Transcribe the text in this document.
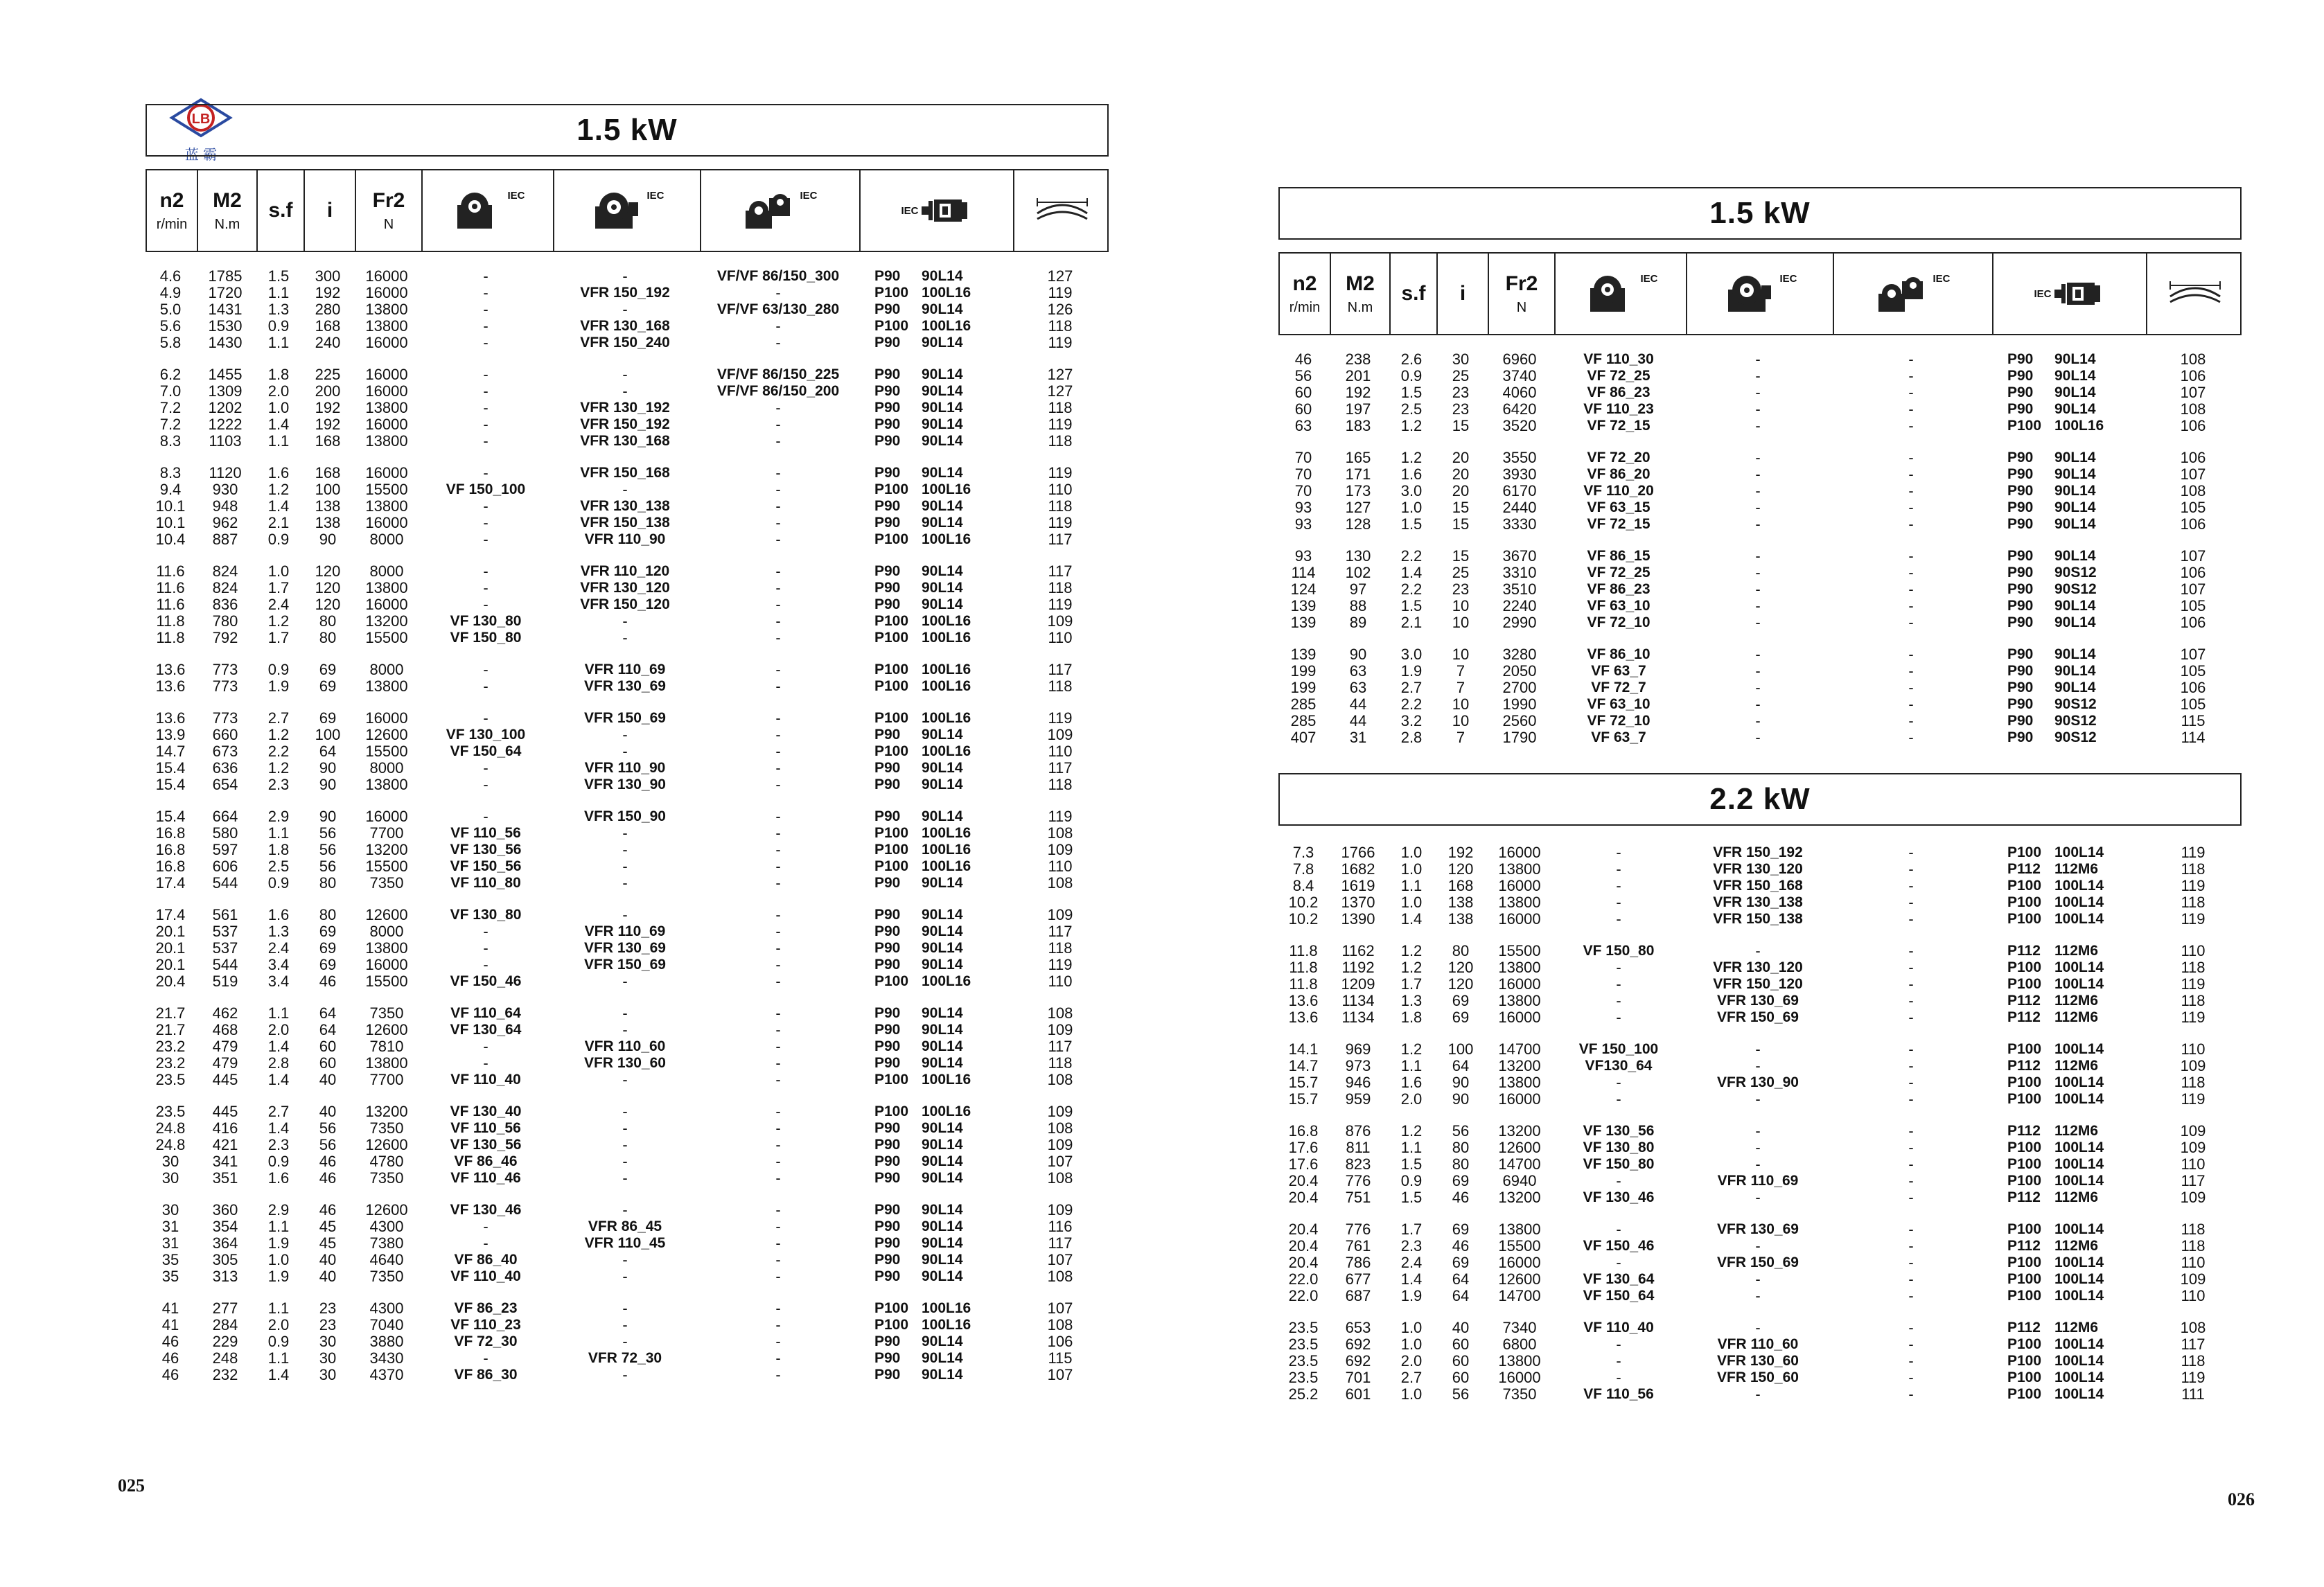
LB
蓝 霸
1.5 kW
n2
r/min
M2
N.m
s.f i Fr2
N
IEC	IEC	IEC
IEC
4.6	1785	1.5	300	16000	-	-	VF/VF 86/150_300	P90	90L14	127
4.9	1720	1.1	192	16000	-	VFR 150_192	-	P100 100L16	119
5.0	1431	1.3	280	13800	-	-	VF/VF 63/130_280	P90	90L14	126
5.6	1530	0.9	168	13800	-	VFR 130_168	-	P100 100L16	118
5.8	1430	1.1	240	16000	-	VFR 150_240	-	P90	90L14	119
6.2	1455	1.8	225	16000	-	-	VF/VF 86/150_225	P90	90L14	127
7.0	1309	2.0	200	16000	-	-	VF/VF 86/150_200	P90	90L14	127
7.2	1202	1.0	192	13800	-	VFR 130_192	-	P90	90L14	118
7.2	1222	1.4	192	16000	-	VFR 150_192	-	P90	90L14	119
8.3	1103	1.1	168	13800	-	VFR 130_168	-	P90	90L14	118
8.3	1120	1.6	168	16000	-	VFR 150_168	-	P90	90L14	119
9.4	930	1.2	100	15500	VF 150_100	-	-	P100 100L16	110
10.1	948	1.4	138	13800	-	VFR 130_138	-	P90	90L14	118
10.1	962	2.1	138	16000	-	VFR 150_138	-	P90	90L14	119
10.4	887	0.9	90	8000	-	VFR 110_90	-	P100 100L16	117
11.6	824	1.0	120	8000	-	VFR 110_120	-	P90	90L14	117
11.6	824	1.7	120	13800	-	VFR 130_120	-	P90	90L14	118
11.6	836	2.4	120	16000	-	VFR 150_120	-	P90	90L14	119
11.8	780	1.2	80	13200	VF 130_80	-	-	P100 100L16	109
11.8	792	1.7	80	15500	VF 150_80	-	-	P100 100L16	110
13.6	773	0.9	69	8000	-	VFR 110_69	-	P100 100L16	117
13.6	773	1.9	69	13800	-	VFR 130_69	-	P100 100L16	118
13.6	773	2.7	69	16000	-	VFR 150_69	-	P100 100L16	119
13.9	660	1.2	100	12600	VF 130_100	-	-	P90	90L14	109
14.7	673	2.2	64	15500	VF 150_64	-	-	P100 100L16	110
15.4	636	1.2	90	8000	-	VFR 110_90	-	P90	90L14	117
15.4	654	2.3	90	13800	-	VFR 130_90	-	P90	90L14	118
15.4	664	2.9	90	16000	-	VFR 150_90	-	P90	90L14	119
16.8	580	1.1	56	7700	VF 110_56	-	-	P100 100L16	108
16.8	597	1.8	56	13200	VF 130_56	-	-	P100 100L16	109
16.8	606	2.5	56	15500	VF 150_56	-	-	P100 100L16	110
17.4	544	0.9	80	7350	VF 110_80	-	-	P90	90L14	108
17.4	561	1.6	80	12600	VF 130_80	-	-	P90	90L14	109
20.1	537	1.3	69	8000	-	VFR 110_69	-	P90	90L14	117
20.1	537	2.4	69	13800	-	VFR 130_69	-	P90	90L14	118
20.1	544	3.4	69	16000	-	VFR 150_69	-	P90	90L14	119
20.4	519	3.4	46	15500	VF 150_46	-	-	P100 100L16	110
21.7	462	1.1	64	7350	VF 110_64	-	-	P90	90L14	108
21.7	468	2.0	64	12600	VF 130_64	-	-	P90	90L14	109
23.2	479	1.4	60	7810	-	VFR 110_60	-	P90	90L14	117
23.2	479	2.8	60	13800	-	VFR 130_60	-	P90	90L14	118
23.5	445	1.4	40	7700	VF 110_40	-	-	P100 100L16	108
23.5	445	2.7	40	13200	VF 130_40	-	-	P100 100L16	109
24.8	416	1.4	56	7350	VF 110_56	-	-	P90	90L14	108
24.8	421	2.3	56	12600	VF 130_56	-	-	P90	90L14	109
30	341	0.9	46	4780	VF 86_46	-	-	P90	90L14	107
30	351	1.6	46	7350	VF 110_46	-	-	P90	90L14	108
30	360	2.9	46	12600	VF 130_46	-	-	P90	90L14	109
31	354	1.1	45	4300	-	VFR 86_45	-	P90	90L14	116
31	364	1.9	45	7380	-	VFR 110_45	-	P90	90L14	117
35	305	1.0	40	4640	VF 86_40	-	-	P90	90L14	107
35	313	1.9	40	7350	VF 110_40	-	-	P90	90L14	108
41	277	1.1	23	4300	VF 86_23	-	-	P100 100L16	107
41	284	2.0	23	7040	VF 110_23	-	-	P100 100L16	108
46	229	0.9	30	3880	VF 72_30	-	-	P90	90L14	106
46	248	1.1	30	3430	-	VFR 72_30	-	P90	90L14	115
46	232	1.4	30	4370	VF 86_30	-	-	P90	90L14	107
025
1.5 kW
n2
r/min
M2
N.m
s.f i Fr2
N
IEC	IEC	IEC
IEC
46	238	2.6	30	6960	VF 110_30	-	-	P90	90L14	108
56	201	0.9	25	3740	VF 72_25	-	-	P90	90L14	106
60	192	1.5	23	4060	VF 86_23	-	-	P90	90L14	107
60	197	2.5	23	6420	VF 110_23	-	-	P90	90L14	108
63	183	1.2	15	3520	VF 72_15	-	-	P100 100L16	106
70	165	1.2	20	3550	VF 72_20	-	-	P90	90L14	106
70	171	1.6	20	3930	VF 86_20	-	-	P90	90L14	107
70	173	3.0	20	6170	VF 110_20	-	-	P90	90L14	108
93	127	1.0	15	2440	VF 63_15	-	-	P90	90L14	105
93	128	1.5	15	3330	VF 72_15	-	-	P90	90L14	106
93	130	2.2	15	3670	VF 86_15	-	-	P90	90L14	107
114	102	1.4	25	3310	VF 72_25	-	-	P90	90S12	106
124	97	2.2	23	3510	VF 86_23	-	-	P90	90S12	107
139	88	1.5	10	2240	VF 63_10	-	-	P90	90L14	105
139	89	2.1	10	2990	VF 72_10	-	-	P90	90L14	106
139	90	3.0	10	3280	VF 86_10	-	-	P90	90L14	107
199	63	1.9	7	2050	VF 63_7	-	-	P90	90L14	105
199	63	2.7	7	2700	VF 72_7	-	-	P90	90L14	106
285	44	2.2	10	1990	VF 63_10	-	-	P90	90S12	105
285	44	3.2	10	2560	VF 72_10	-	-	P90	90S12	115
407	31	2.8	7	1790	VF 63_7	-	-	P90	90S12	114
2.2 kW
7.3	1766	1.0	192	16000	-	VFR 150_192	-	P100 100L14	119
7.8	1682	1.0	120	13800	-	VFR 130_120	-	P112 112M6	118
8.4	1619	1.1	168	16000	-	VFR 150_168	-	P100 100L14	119
10.2	1370	1.0	138	13800	-	VFR 130_138	-	P100 100L14	118
10.2	1390	1.4	138	16000	-	VFR 150_138	-	P100 100L14	119
11.8	1162	1.2	80	15500	VF 150_80	-	-	P112 112M6	110
11.8	1192	1.2	120	13800	-	VFR 130_120	-	P100 100L14	118
11.8	1209	1.7	120	16000	-	VFR 150_120	-	P100 100L14	119
13.6	1134	1.3	69	13800	-	VFR 130_69	-	P112 112M6	118
13.6	1134	1.8	69	16000	-	VFR 150_69	-	P112 112M6	119
14.1	969	1.2	100	14700	VF 150_100	-	-	P100 100L14	110
14.7	973	1.1	64	13200	VF130_64	-	-	P112 112M6	109
15.7	946	1.6	90	13800	-	VFR 130_90	-	P100 100L14	118
15.7	959	2.0	90	16000	-	-	-	P100 100L14	119
16.8	876	1.2	56	13200	VF 130_56	-	-	P112 112M6	109
17.6	811	1.1	80	12600	VF 130_80	-	-	P100 100L14	109
17.6	823	1.5	80	14700	VF 150_80	-	-	P100 100L14	110
20.4	776	0.9	69	6940	-	VFR 110_69	-	P100 100L14	117
20.4	751	1.5	46	13200	VF 130_46	-	-	P112 112M6	109
20.4	776	1.7	69	13800	-	VFR 130_69	-	P100 100L14	118
20.4	761	2.3	46	15500	VF 150_46	-	-	P112 112M6	118
20.4	786	2.4	69	16000	-	VFR 150_69	-	P100 100L14	110
22.0	677	1.4	64	12600	VF 130_64	-	-	P100 100L14	109
22.0	687	1.9	64	14700	VF 150_64	-	-	P100 100L14	110
23.5	653	1.0	40	7340	VF 110_40	-	-	P112 112M6	108
23.5	692	1.0	60	6800	-	VFR 110_60	-	P100 100L14	117
23.5	692	2.0	60	13800	-	VFR 130_60	-	P100 100L14	118
23.5	701	2.7	60	16000	-	VFR 150_60	-	P100 100L14	119
25.2	601	1.0	56	7350	VF 110_56	-	-	P100 100L14	111
026
